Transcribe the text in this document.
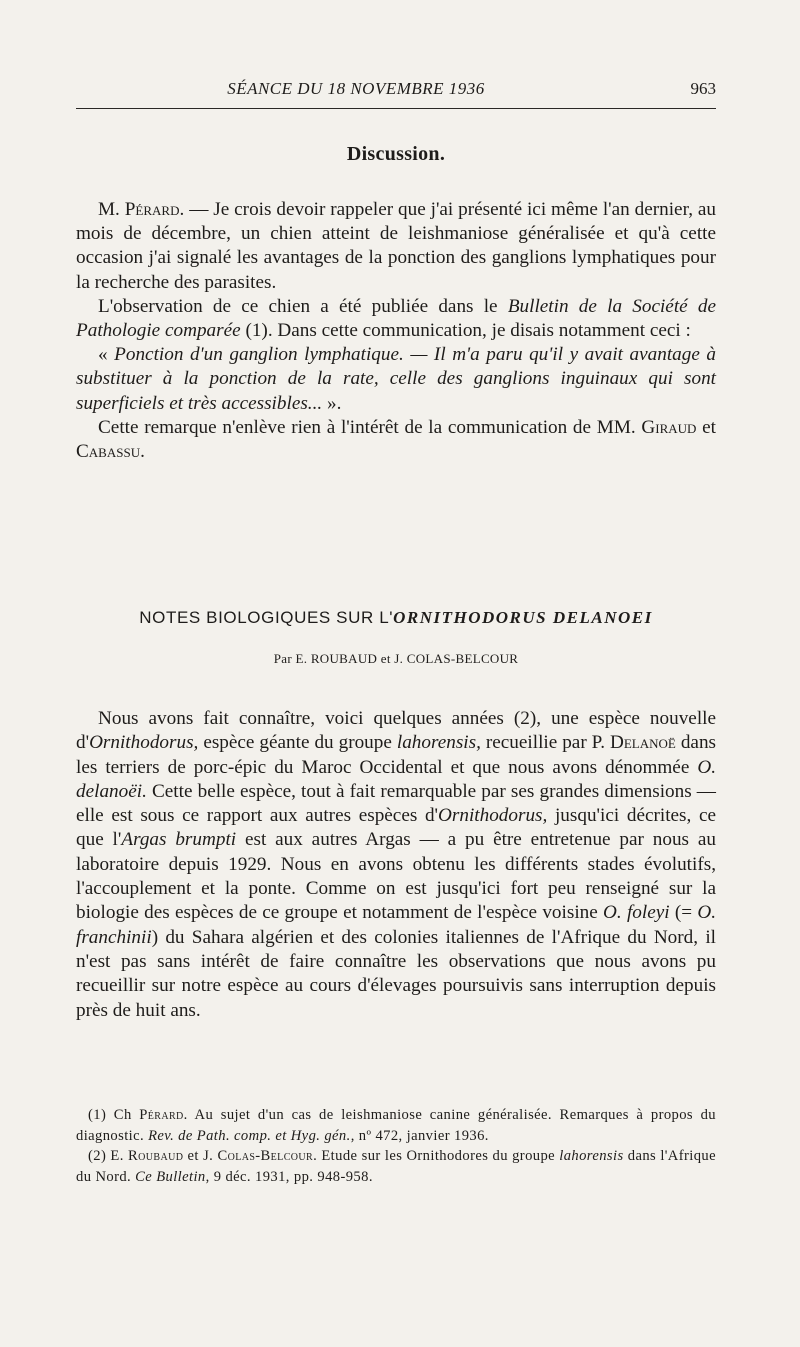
SÉANCE DU 18 NOVEMBRE 1936	963
Discussion.

M. Pérard. — Je crois devoir rappeler que j'ai présenté ici même l'an dernier, au mois de décembre, un chien atteint de leishmaniose généralisée et qu'à cette occasion j'ai signalé les avantages de la ponction des ganglions lymphatiques pour la recherche des parasites.

L'observation de ce chien a été publiée dans le Bulletin de la Société de Pathologie comparée (1). Dans cette communication, je disais notamment ceci :

« Ponction d'un ganglion lymphatique. — Il m'a paru qu'il y avait avantage à substituer à la ponction de la rate, celle des ganglions inguinaux qui sont superficiels et très accessibles... ».

Cette remarque n'enlève rien à l'intérêt de la communication de MM. Giraud et Cabassu.

NOTES BIOLOGIQUES SUR L'ORNITHODORUS DELANOEI
Par E. ROUBAUD et J. COLAS-BELCOUR

Nous avons fait connaître, voici quelques années (2), une espèce nouvelle d'Ornithodorus, espèce géante du groupe lahorensis, recueillie par P. Delanoë dans les terriers de porc-épic du Maroc Occidental et que nous avons dénommée O. delanoëi. Cette belle espèce, tout à fait remarquable par ses grandes dimensions — elle est sous ce rapport aux autres espèces d'Ornithodorus, jusqu'ici décrites, ce que l'Argas brumpti est aux autres Argas — a pu être entretenue par nous au laboratoire depuis 1929. Nous en avons obtenu les différents stades évolutifs, l'accouplement et la ponte. Comme on est jusqu'ici fort peu renseigné sur la biologie des espèces de ce groupe et notamment de l'espèce voisine O. foleyi (= O. franchinii) du Sahara algérien et des colonies italiennes de l'Afrique du Nord, il n'est pas sans intérêt de faire connaître les observations que nous avons pu recueillir sur notre espèce au cours d'élevages poursuivis sans interruption depuis près de huit ans.

(1) Ch Pérard. Au sujet d'un cas de leishmaniose canine généralisée. Remarques à propos du diagnostic. Rev. de Path. comp. et Hyg. gén., nº 472, janvier 1936.

(2) E. Roubaud et J. Colas-Belcour. Etude sur les Ornithodores du groupe lahorensis dans l'Afrique du Nord. Ce Bulletin, 9 déc. 1931, pp. 948-958.
